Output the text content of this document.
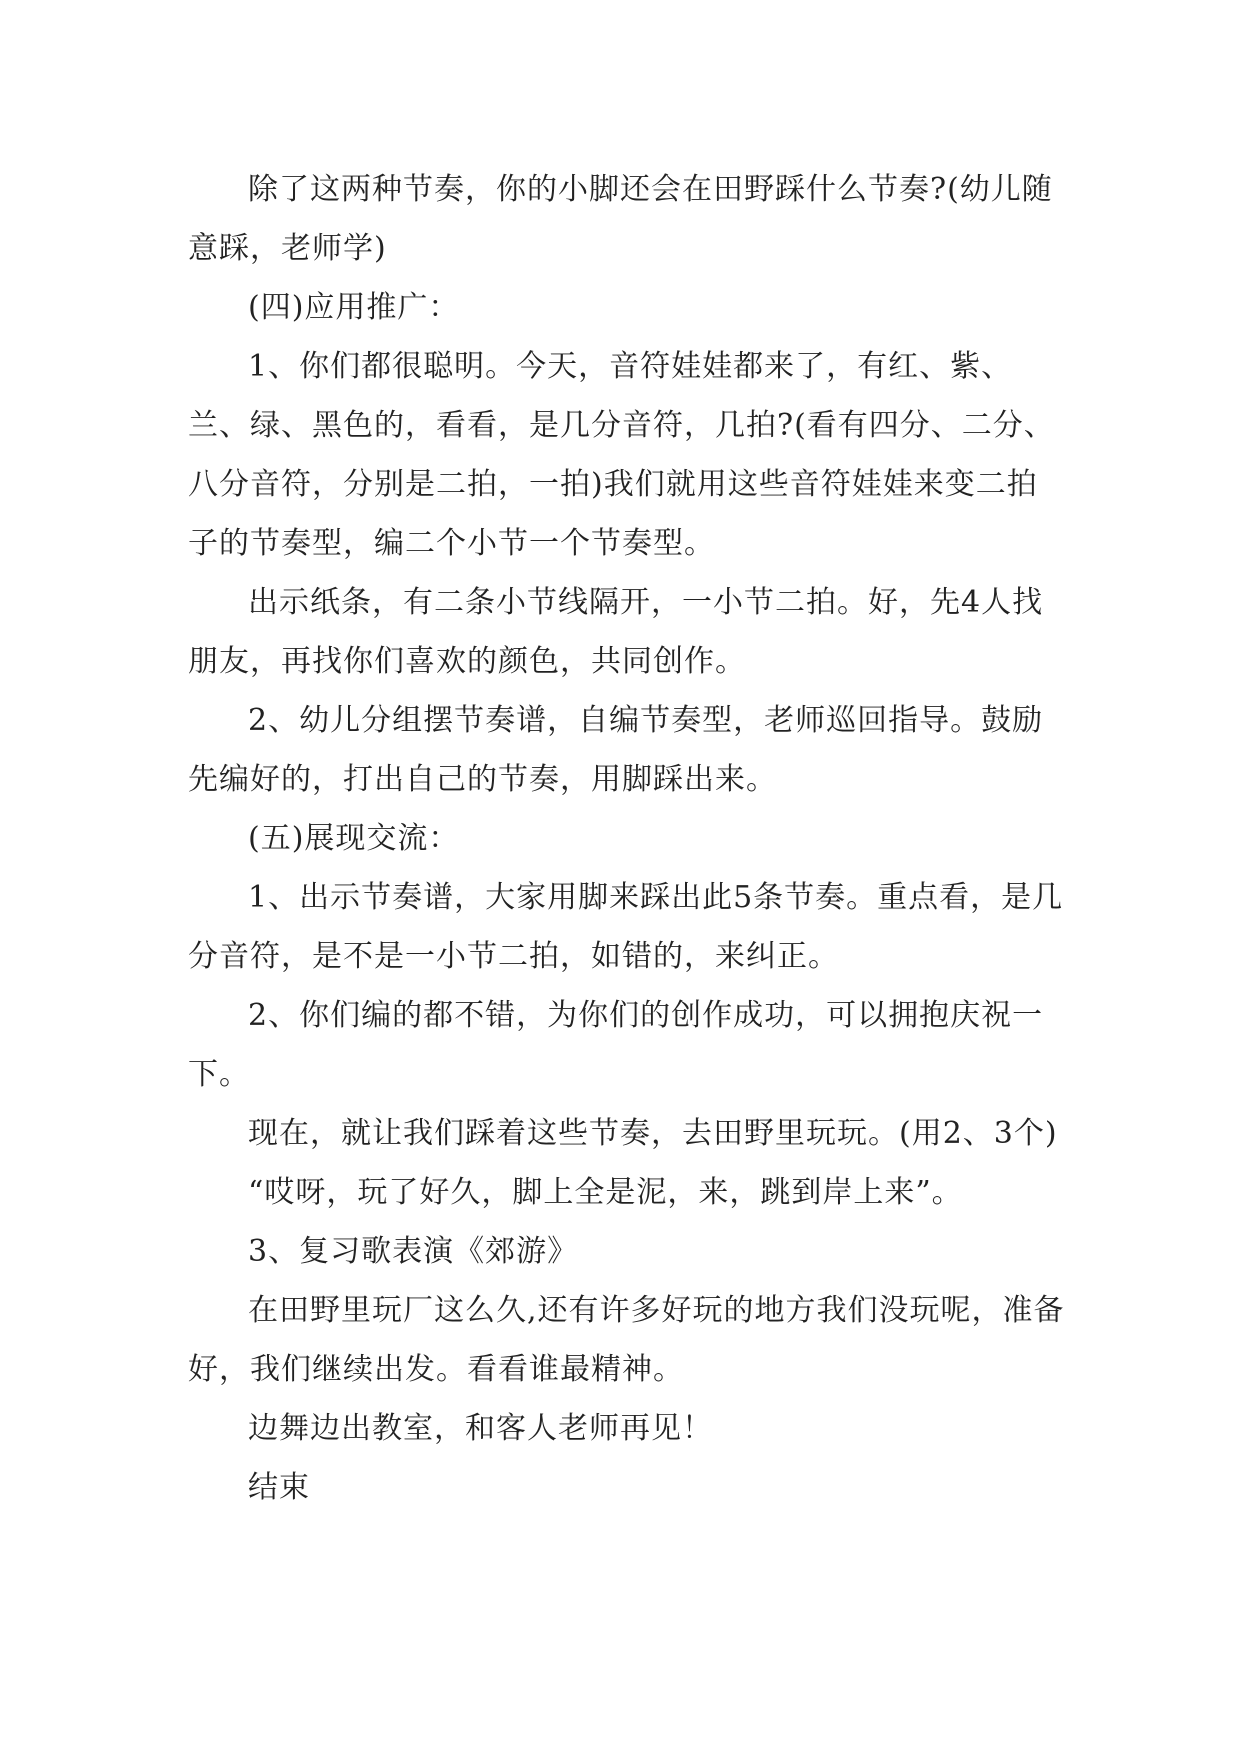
除了这两种节奏，你的小脚还会在田野踩什么节奏?(幼儿随意踩，老师学)

(四)应用推广：

1、你们都很聪明。今天，音符娃娃都来了，有红、紫、兰、绿、黑色的，看看，是几分音符，几拍?(看有四分、二分、八分音符，分别是二拍，一拍)我们就用这些音符娃娃来变二拍子的节奏型，编二个小节一个节奏型。

出示纸条，有二条小节线隔开，一小节二拍。好，先4人找朋友，再找你们喜欢的颜色，共同创作。

2、幼儿分组摆节奏谱，自编节奏型，老师巡回指导。鼓励先编好的，打出自己的节奏，用脚踩出来。

(五)展现交流：

1、出示节奏谱，大家用脚来踩出此5条节奏。重点看，是几分音符，是不是一小节二拍，如错的，来纠正。

2、你们编的都不错，为你们的创作成功，可以拥抱庆祝一下。

现在，就让我们踩着这些节奏，去田野里玩玩。(用2、3个)

“哎呀，玩了好久，脚上全是泥，来，跳到岸上来”。

3、复习歌表演《郊游》

在田野里玩厂这么久,还有许多好玩的地方我们没玩呢，准备好，我们继续出发。看看谁最精神。

边舞边出教室，和客人老师再见！

结束
